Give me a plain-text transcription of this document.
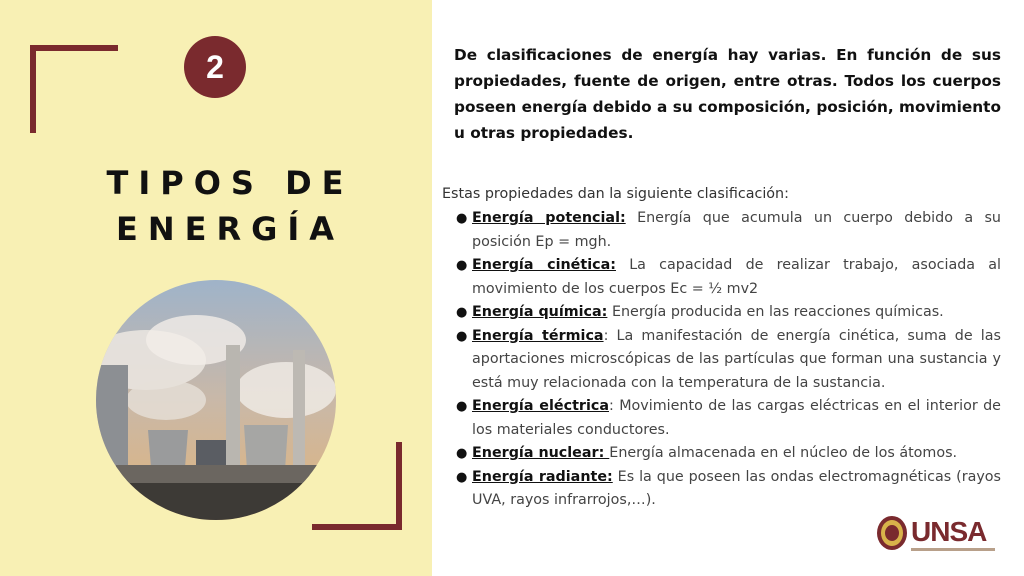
2
TIPOS DE
ENERGÍA

De clasificaciones de energía hay varias. En función de sus propiedades, fuente de origen, entre otras. Todos los cuerpos poseen energía debido a su composición, posición, movimiento u otras propiedades.

Estas propiedades dan la siguiente clasificación:

● Energía potencial: Energía que acumula un cuerpo debido a su posición Ep = mgh.
● Energía cinética: La capacidad de realizar trabajo, asociada al movimiento de los cuerpos Ec = ½ mv2
● Energía química: Energía producida en las reacciones químicas.
● Energía térmica: La manifestación de energía cinética, suma de las aportaciones microscópicas de las partículas que forman una sustancia y está muy relacionada con la temperatura de la sustancia.
● Energía eléctrica: Movimiento de las cargas eléctricas en el interior de los materiales conductores.
● Energía nuclear: Energía almacenada en el núcleo de los átomos.
● Energía radiante: Es la que poseen las ondas electromagnéticas (rayos UVA, rayos infrarrojos,…).
UNSA
